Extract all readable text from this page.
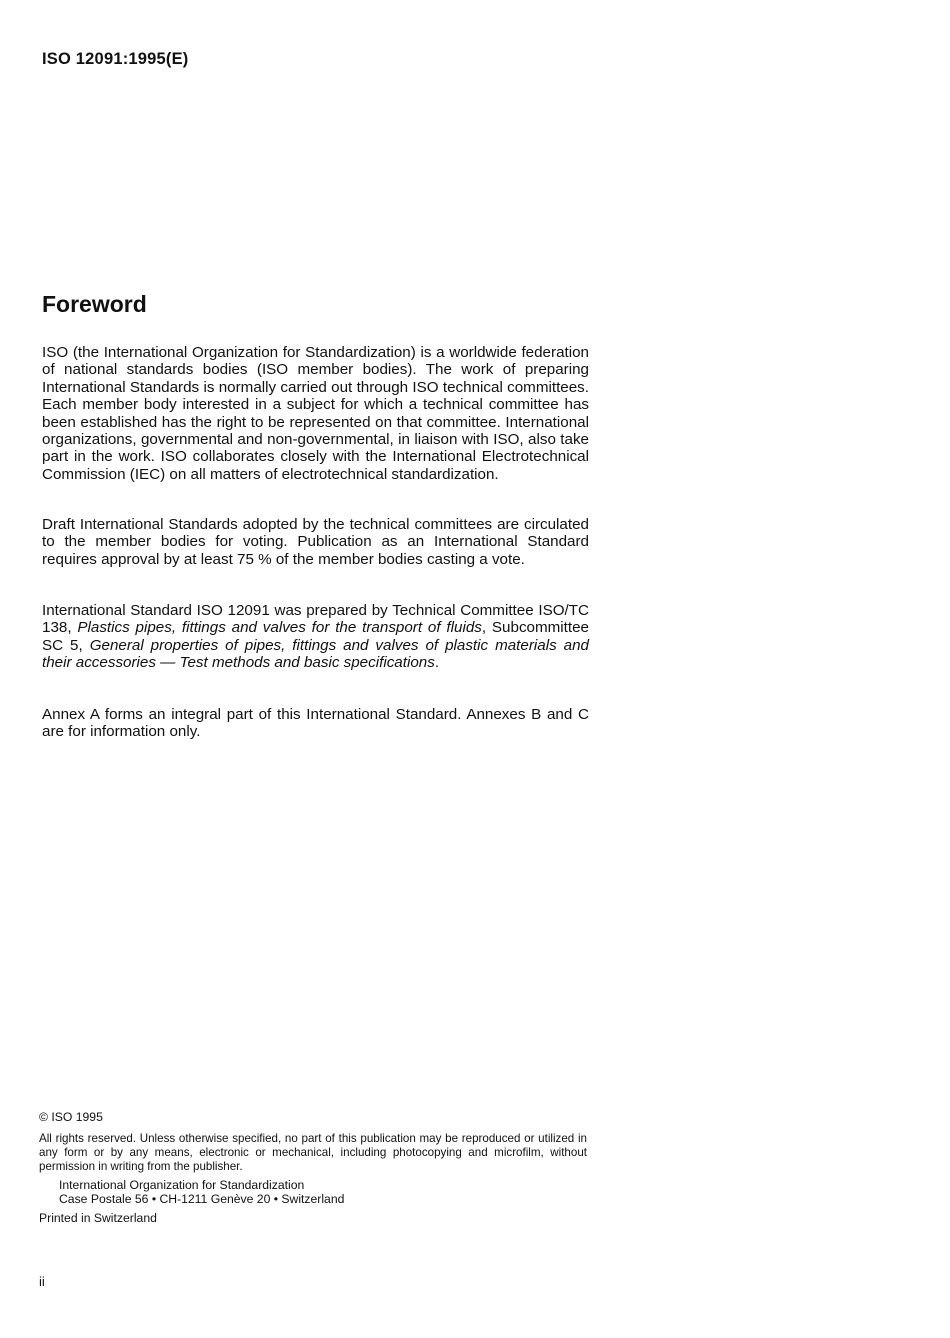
ISO 12091:1995(E)
Foreword

ISO (the International Organization for Standardization) is a worldwide federation of national standards bodies (ISO member bodies). The work of preparing International Standards is normally carried out through ISO technical committees. Each member body interested in a subject for which a technical committee has been established has the right to be represented on that committee. International organizations, governmental and non-governmental, in liaison with ISO, also take part in the work. ISO collaborates closely with the International Electrotechnical Commission (IEC) on all matters of electrotechnical standardization.

Draft International Standards adopted by the technical committees are circulated to the member bodies for voting. Publication as an International Standard requires approval by at least 75 % of the member bodies casting a vote.

International Standard ISO 12091 was prepared by Technical Committee ISO/TC 138, Plastics pipes, fittings and valves for the transport of fluids, Subcommittee SC 5, General properties of pipes, fittings and valves of plastic materials and their accessories — Test methods and basic specifications.

Annex A forms an integral part of this International Standard. Annexes B and C are for information only.

© ISO 1995

All rights reserved. Unless otherwise specified, no part of this publication may be reproduced or utilized in any form or by any means, electronic or mechanical, including photocopying and microfilm, without permission in writing from the publisher.

International Organization for Standardization
Case Postale 56 • CH-1211 Genève 20 • Switzerland
Printed in Switzerland
ii
